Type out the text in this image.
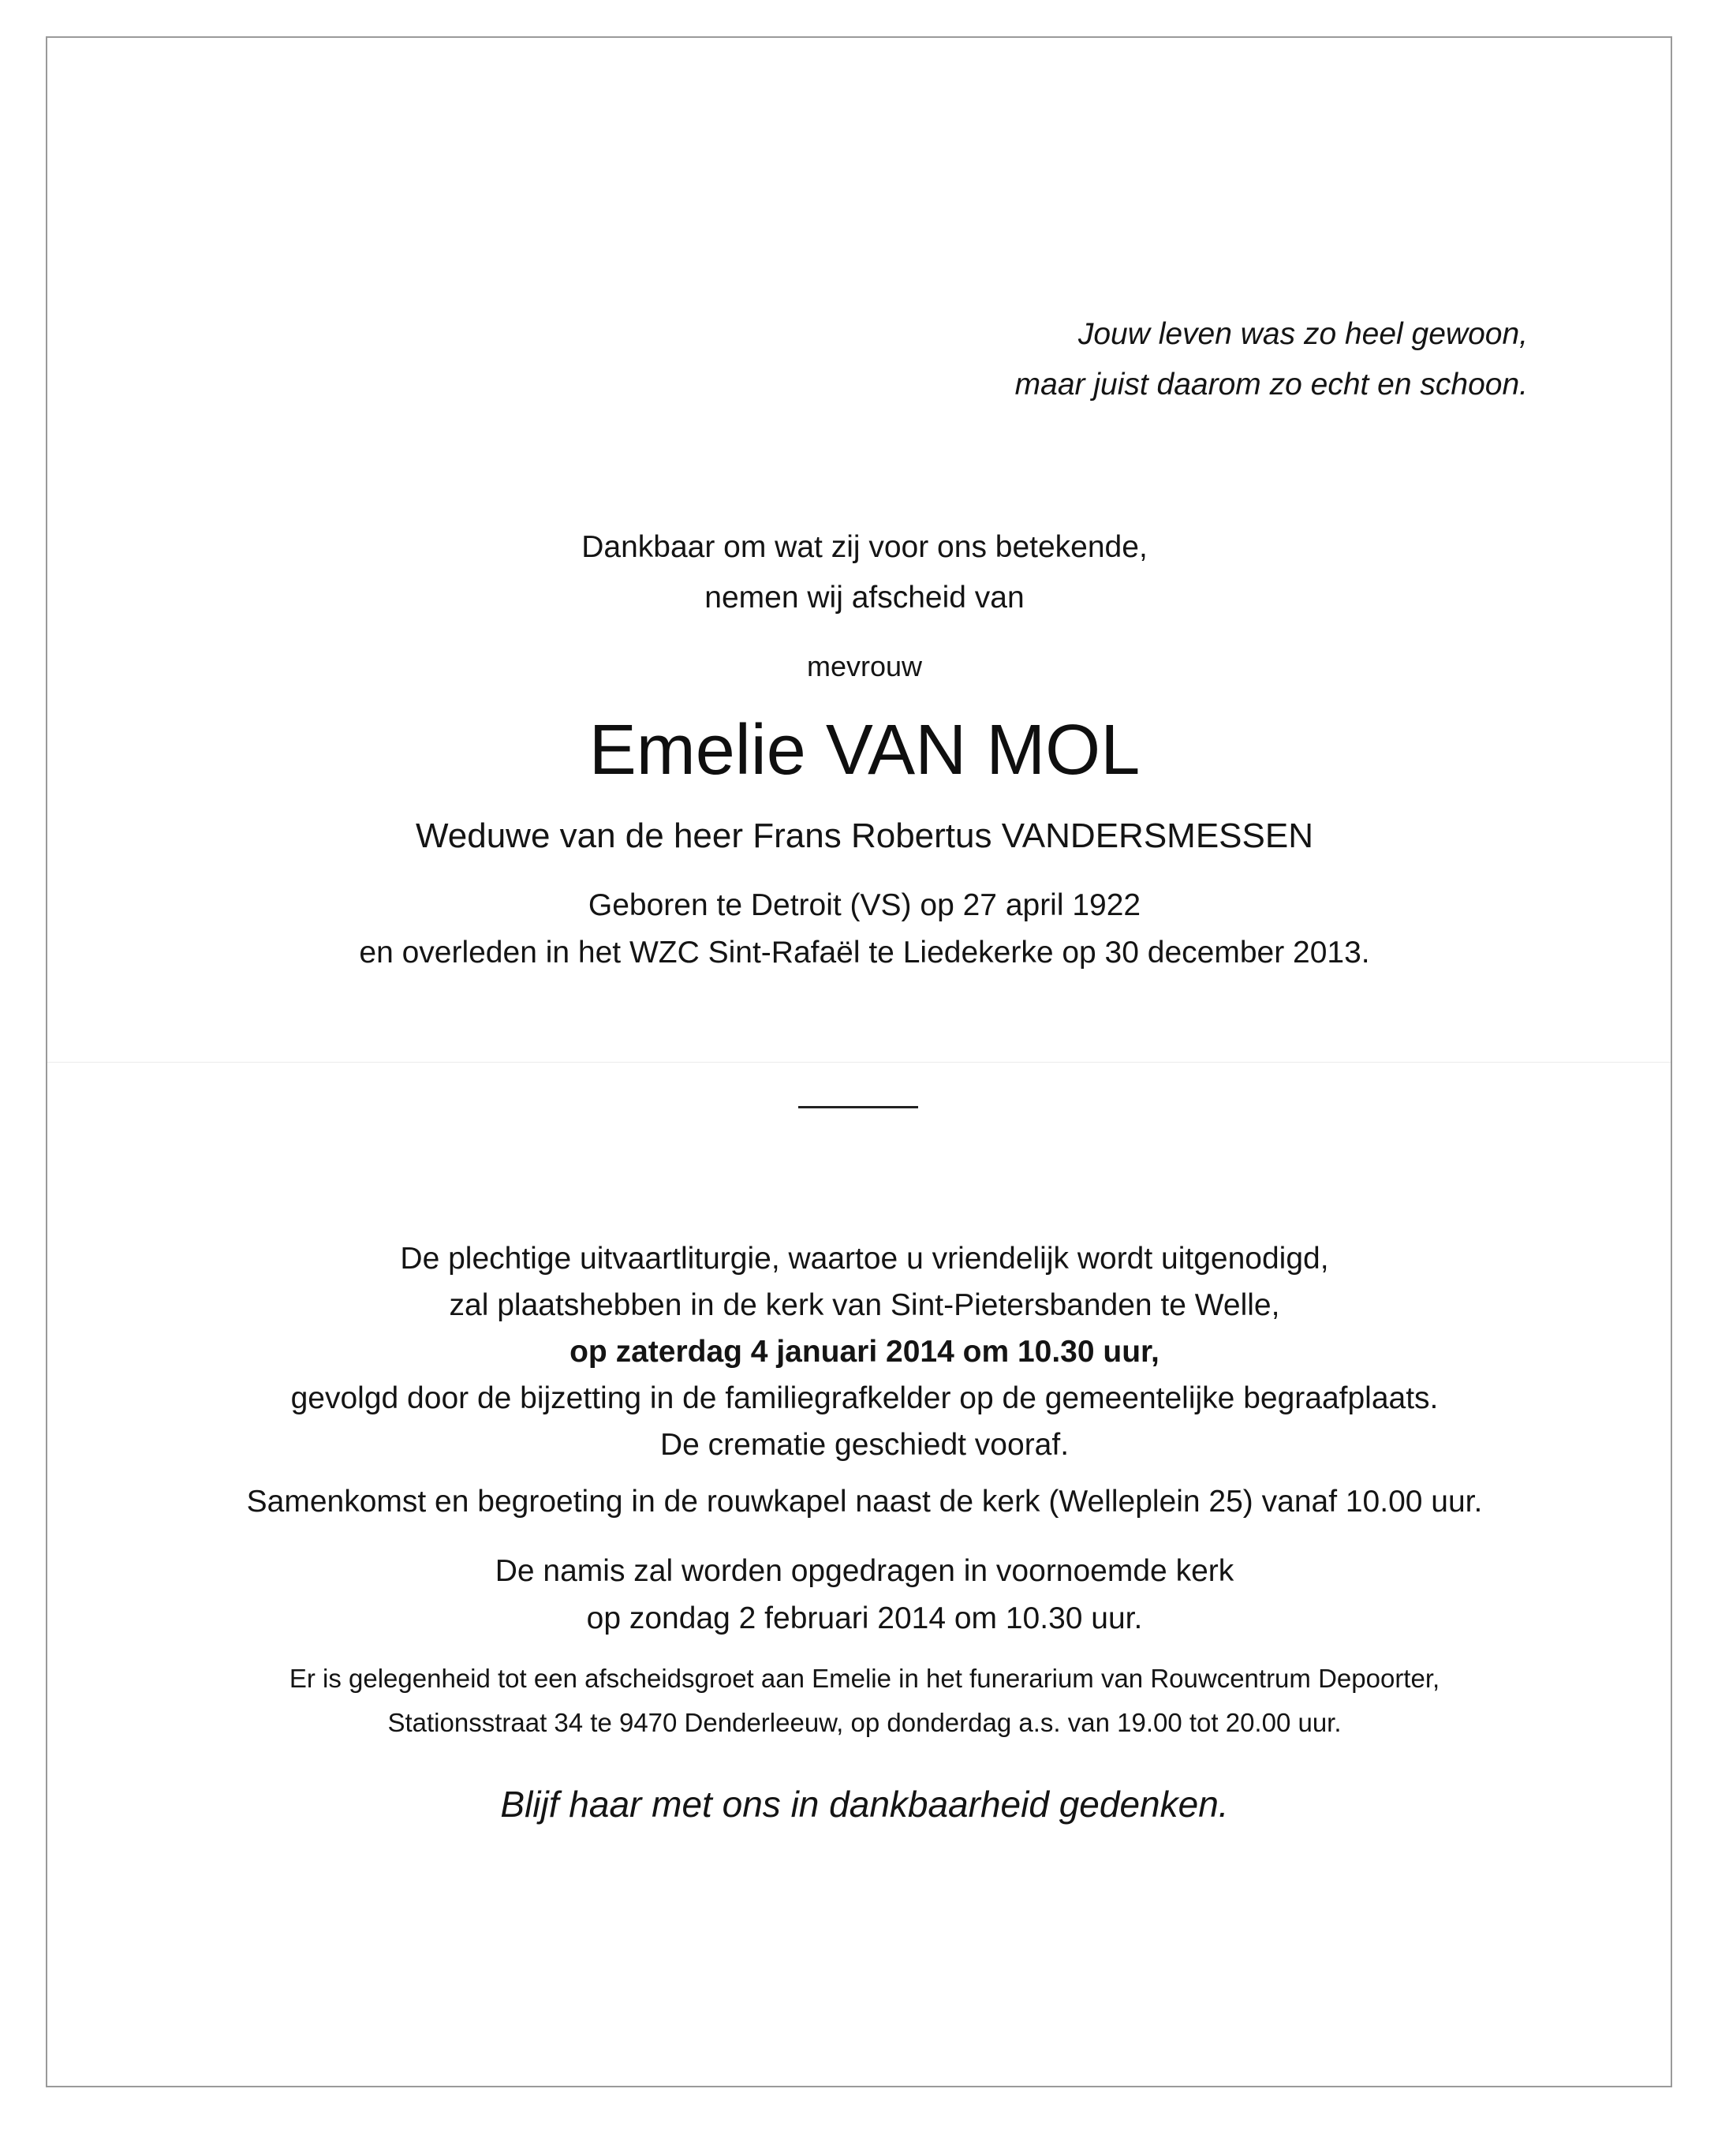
Jouw leven was zo heel gewoon,
maar juist daarom zo echt en schoon.
Dankbaar om wat zij voor ons betekende,
nemen wij afscheid van
mevrouw
Emelie VAN MOL
Weduwe van de heer Frans Robertus VANDERSMESSEN
Geboren te Detroit (VS) op 27 april 1922
en overleden in het WZC Sint-Rafaël te Liedekerke op 30 december 2013.
De plechtige uitvaartliturgie, waartoe u vriendelijk wordt uitgenodigd,
zal plaatshebben in de kerk van Sint-Pietersbanden te Welle,
op zaterdag 4 januari 2014 om 10.30 uur,
gevolgd door de bijzetting in de familiegrafkelder op de gemeentelijke begraafplaats.
De crematie geschiedt vooraf.
Samenkomst en begroeting in de rouwkapel naast de kerk (Welleplein 25) vanaf 10.00 uur.
De namis zal worden opgedragen in voornoemde kerk
op zondag 2 februari 2014 om 10.30 uur.
Er is gelegenheid tot een afscheidsgroet aan Emelie in het funerarium van Rouwcentrum Depoorter,
Stationsstraat 34 te 9470 Denderleeuw, op donderdag a.s. van 19.00 tot 20.00 uur.
Blijf haar met ons in dankbaarheid gedenken.
